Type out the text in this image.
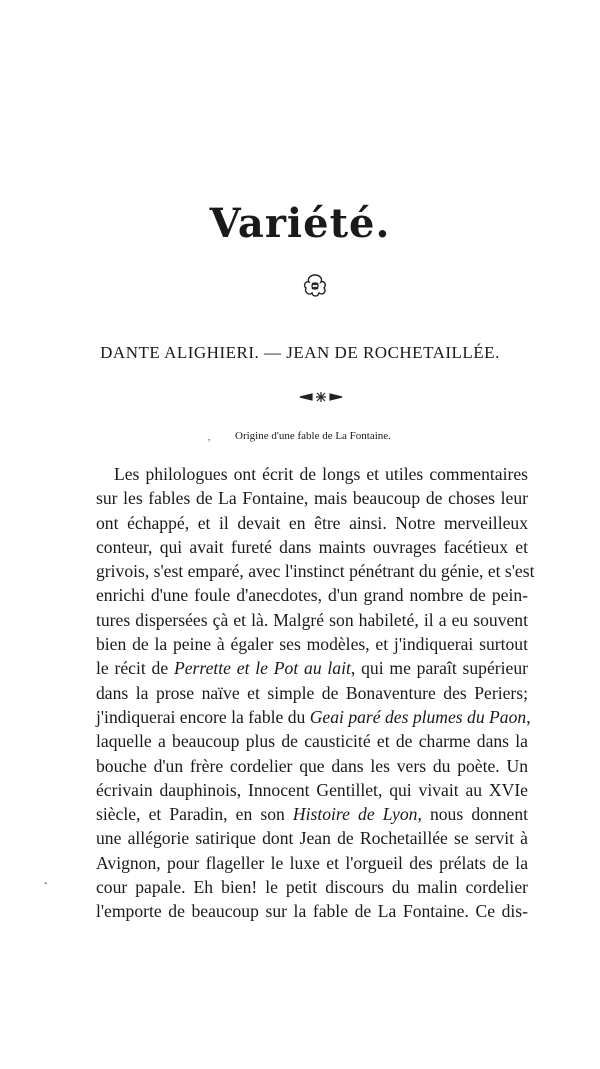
Variété.
DANTE ALIGHIERI. — JEAN DE ROCHETAILLÉE.
, Origine d'une fable de La Fontaine.
Les philologues ont écrit de longs et utiles commentaires
sur les fables de La Fontaine, mais beaucoup de choses leur
ont échappé, et il devait en être ainsi. Notre merveilleux
conteur, qui avait fureté dans maints ouvrages facétieux et
grivois, s'est emparé, avec l'instinct pénétrant du génie, et s'est
enrichi d'une foule d'anecdotes, d'un grand nombre de pein-
tures dispersées çà et là. Malgré son habileté, il a eu souvent
bien de la peine à égaler ses modèles, et j'indiquerai surtout
le récit de Perrette et le Pot au lait, qui me paraît supérieur
dans la prose naïve et simple de Bonaventure des Periers;
j'indiquerai encore la fable du Geai paré des plumes du Paon,
laquelle a beaucoup plus de causticité et de charme dans la
bouche d'un frère cordelier que dans les vers du poète. Un
écrivain dauphinois, Innocent Gentillet, qui vivait au XVIe
siècle, et Paradin, en son Histoire de Lyon, nous donnent
une allégorie satirique dont Jean de Rochetaillée se servit à
Avignon, pour flageller le luxe et l'orgueil des prélats de la
cour papale. Eh bien! le petit discours du malin cordelier
l'emporte de beaucoup sur la fable de La Fontaine. Ce dis-
-
